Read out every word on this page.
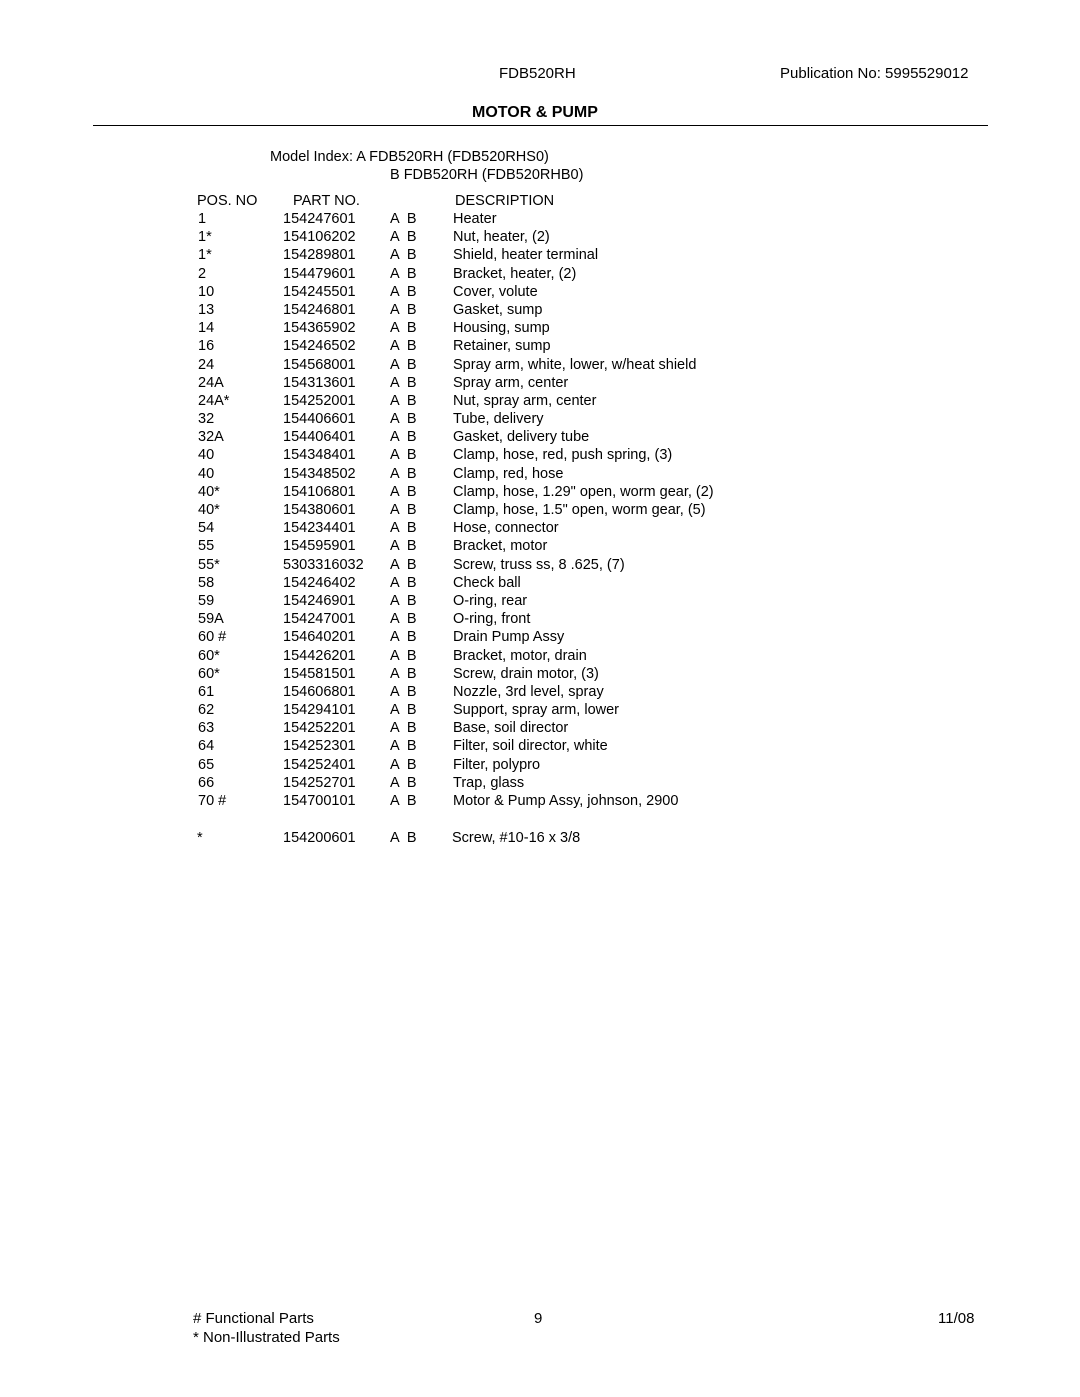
FDB520RH	Publication No: 5995529012
MOTOR & PUMP
Model Index: A FDB520RH (FDB520RHS0)
B FDB520RH (FDB520RHB0)
POS. NO PART NO.	DESCRIPTION
1	154247601 A B	Heater
1*	154106202 A B	Nut, heater, (2)
1*	154289801 A B	Shield, heater terminal
2	154479601 A B	Bracket, heater, (2)
10	154245501 A B	Cover, volute
13	154246801 A B	Gasket, sump
14	154365902 A B	Housing, sump
16	154246502 A B	Retainer, sump
24	154568001 A B	Spray arm, white, lower, w/heat shield
24A	154313601 A B	Spray arm, center
24A*	154252001 A B	Nut, spray arm, center
32	154406601 A B	Tube, delivery
32A	154406401 A B	Gasket, delivery tube
40	154348401 A B	Clamp, hose, red, push spring, (3)
40	154348502 A B	Clamp, red, hose
40*	154106801 A B	Clamp, hose, 1.29" open, worm gear, (2)
40*	154380601 A B	Clamp, hose, 1.5" open, worm gear, (5)
54	154234401 A B	Hose, connector
55	154595901 A B	Bracket, motor
55*	5303316032 A B	Screw, truss ss, 8 .625, (7)
58	154246402 A B	Check ball
59	154246901 A B	O-ring, rear
59A	154247001 A B	O-ring, front
60 #	154640201 A B	Drain Pump Assy
60*	154426201 A B	Bracket, motor, drain
60*	154581501 A B	Screw, drain motor, (3)
61	154606801 A B	Nozzle, 3rd level, spray
62	154294101 A B	Support, spray arm, lower
63	154252201 A B	Base, soil director
64	154252301 A B	Filter, soil director, white
65	154252401 A B	Filter, polypro
66	154252701 A B	Trap, glass
70 #	154700101 A B	Motor & Pump Assy, johnson, 2900
*	154200601 A B Screw, #10-16 x 3/8
# Functional Parts
* Non-Illustrated Parts
9	11/08
